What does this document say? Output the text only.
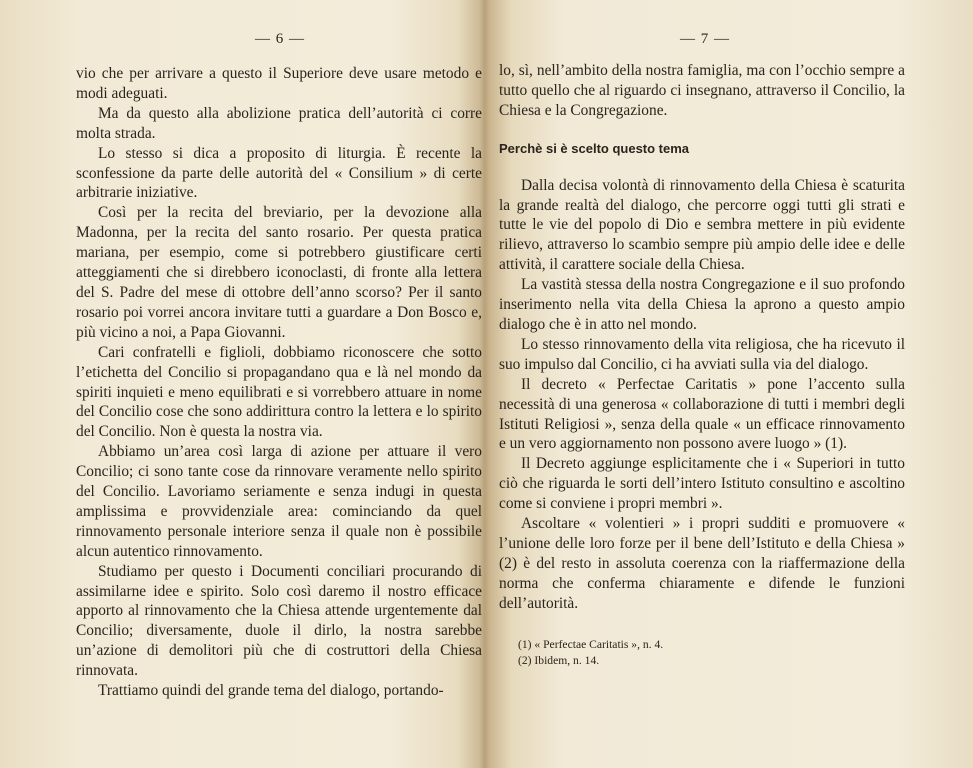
— 6 —

vio che per arrivare a questo il Superiore deve usare metodo e modi adeguati.

Ma da questo alla abolizione pratica dell’autorità ci corre molta strada.

Lo stesso si dica a proposito di liturgia. È recente la sconfessione da parte delle autorità del « Consilium » di certe arbitrarie iniziative.

Così per la recita del breviario, per la devozione alla Madonna, per la recita del santo rosario. Per questa pratica mariana, per esempio, come si potrebbero giustificare certi atteggiamenti che si direbbero iconoclasti, di fronte alla lettera del S. Padre del mese di ottobre dell’anno scorso? Per il santo rosario poi vorrei ancora invitare tutti a guardare a Don Bosco e, più vicino a noi, a Papa Giovanni.

Cari confratelli e figlioli, dobbiamo riconoscere che sotto l’etichetta del Concilio si propagandano qua e là nel mondo da spiriti inquieti e meno equilibrati e si vorrebbero attuare in nome del Concilio cose che sono addirittura contro la lettera e lo spirito del Concilio. Non è questa la nostra via.

Abbiamo un’area così larga di azione per attuare il vero Concilio; ci sono tante cose da rinnovare veramente nello spirito del Concilio. Lavoriamo seriamente e senza indugi in questa amplissima e provvidenziale area: cominciando da quel rinnovamento personale interiore senza il quale non è possibile alcun autentico rinnovamento.

Studiamo per questo i Documenti conciliari procurando di assimilarne idee e spirito. Solo così daremo il nostro efficace apporto al rinnovamento che la Chiesa attende urgentemente dal Concilio; diversamente, duole il dirlo, la nostra sarebbe un’azione di demolitori più che di costruttori della Chiesa rinnovata.

Trattiamo quindi del grande tema del dialogo, portando-

— 7 —

lo, sì, nell’ambito della nostra famiglia, ma con l’occhio sempre a tutto quello che al riguardo ci insegnano, attraverso il Concilio, la Chiesa e la Congregazione.

Perchè si è scelto questo tema

Dalla decisa volontà di rinnovamento della Chiesa è scaturita la grande realtà del dialogo, che percorre oggi tutti gli strati e tutte le vie del popolo di Dio e sembra mettere in più evidente rilievo, attraverso lo scambio sempre più ampio delle idee e delle attività, il carattere sociale della Chiesa.

La vastità stessa della nostra Congregazione e il suo profondo inserimento nella vita della Chiesa la aprono a questo ampio dialogo che è in atto nel mondo.

Lo stesso rinnovamento della vita religiosa, che ha ricevuto il suo impulso dal Concilio, ci ha avviati sulla via del dialogo.

Il decreto « Perfectae Caritatis » pone l’accento sulla necessità di una generosa « collaborazione di tutti i membri degli Istituti Religiosi », senza della quale « un efficace rinnovamento e un vero aggiornamento non possono avere luogo » (1).

Il Decreto aggiunge esplicitamente che i « Superiori in tutto ciò che riguarda le sorti dell’intero Istituto consultino e ascoltino come si conviene i propri membri ».

Ascoltare « volentieri » i propri sudditi e promuovere « l’unione delle loro forze per il bene dell’Istituto e della Chiesa » (2) è del resto in assoluta coerenza con la riaffermazione della norma che conferma chiaramente e difende le funzioni dell’autorità.

(1) « Perfectae Caritatis », n. 4.
(2) Ibidem, n. 14.
